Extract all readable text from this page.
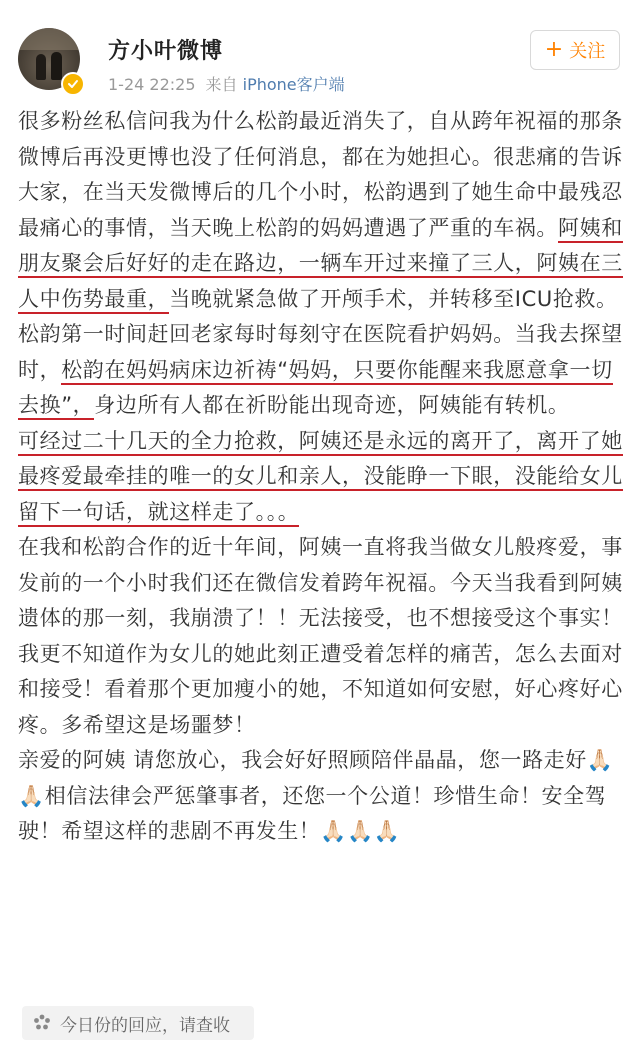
方小叶微博
1-24 22:25 来自 iPhone客户端
+ 关注

很多粉丝私信问我为什么松韵最近消失了，自从跨年祝福的那条微博后再没更博也没了任何消息，都在为她担心。很悲痛的告诉大家，在当天发微博后的几个小时，松韵遇到了她生命中最残忍最痛心的事情，当天晚上松韵的妈妈遭遇了严重的车祸。阿姨和朋友聚会后好好的走在路边，一辆车开过来撞了三人，阿姨在三人中伤势最重，当晚就紧急做了开颅手术，并转移至ICU抢救。松韵第一时间赶回老家每时每刻守在医院看护妈妈。当我去探望时，松韵在妈妈病床边祈祷“妈妈，只要你能醒来我愿意拿一切去换”，身边所有人都在祈盼能出现奇迹，阿姨能有转机。

可经过二十几天的全力抢救，阿姨还是永远的离开了，离开了她最疼爱最牵挂的唯一的女儿和亲人，没能睁一下眼，没能给女儿留下一句话，就这样走了。。。

在我和松韵合作的近十年间，阿姨一直将我当做女儿般疼爱，事发前的一个小时我们还在微信发着跨年祝福。今天当我看到阿姨遗体的那一刻，我崩溃了！！无法接受，也不想接受这个事实！我更不知道作为女儿的她此刻正遭受着怎样的痛苦，怎么去面对和接受！看着那个更加瘦小的她，不知道如何安慰，好心疼好心疼。多希望这是场噩梦！

亲爱的阿姨 请您放心，我会好好照顾陪伴晶晶，您一路走好🙏🏻🙏🏻相信法律会严惩肇事者，还您一个公道！珍惜生命！安全驾驶！希望这样的悲剧不再发生！🙏🏻🙏🏻🙏🏻

今日份的回应，请查收
